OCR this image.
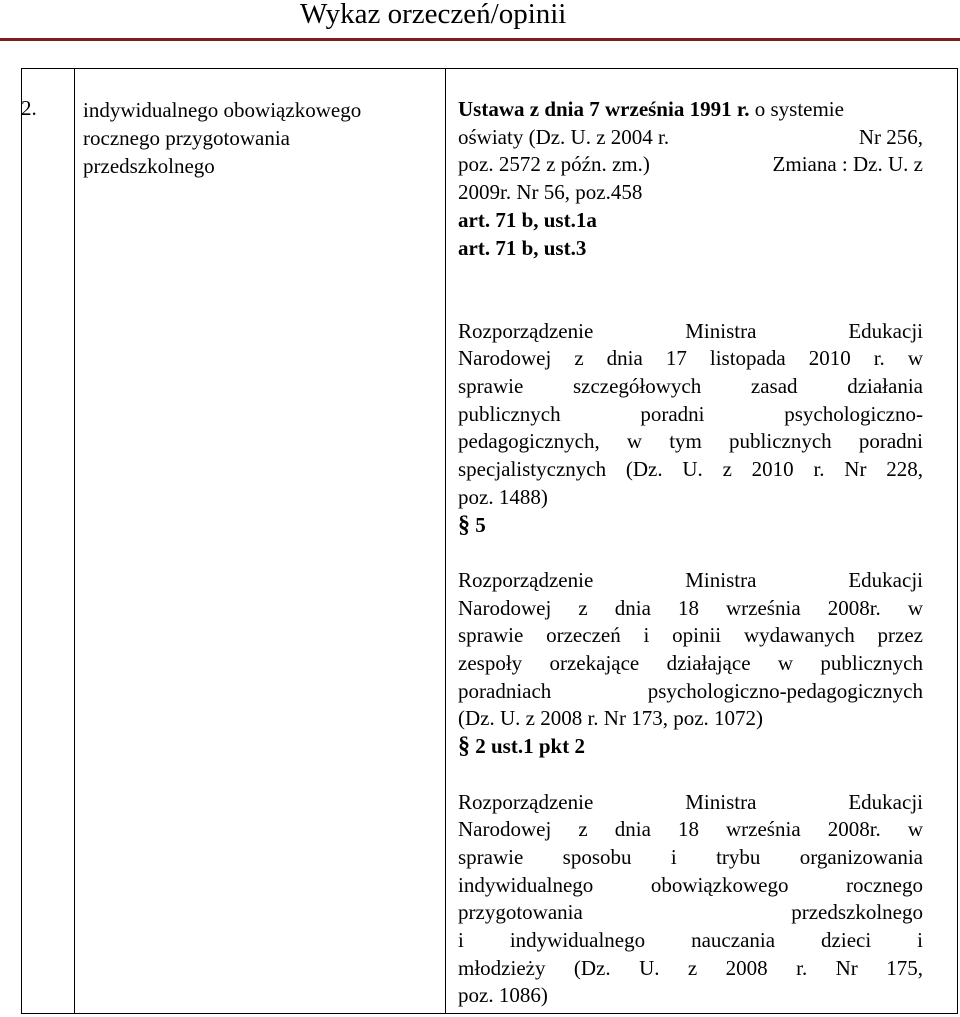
Wykaz orzeczeń/opinii
2. indywidualnego obowiązkowego
rocznego przygotowania
przedszkolnego

Ustawa z dnia 7 września 1991 r. o systemie

oświaty (Dz. U. z 2004 r.	Nr 256,

poz. 2572 z późn. zm.)	Zmiana : Dz. U. z

2009r. Nr 56, poz.458

art. 71 b, ust.1a

art. 71 b, ust.3

Rozporządzenie Ministra Edukacji

Narodowej z dnia 17 listopada 2010 r. w

sprawie szczegółowych zasad działania

publicznych poradni psychologiczno-

pedagogicznych, w tym publicznych poradni

specjalistycznych (Dz. U. z 2010 r. Nr 228,

poz. 1488)

§ 5

Rozporządzenie Ministra Edukacji

Narodowej z dnia 18 września 2008r. w

sprawie orzeczeń i opinii wydawanych przez

zespoły orzekające działające w publicznych

poradniach psychologiczno-pedagogicznych

(Dz. U. z 2008 r. Nr 173, poz. 1072)

§ 2 ust.1 pkt 2

Rozporządzenie Ministra Edukacji

Narodowej z dnia 18 września 2008r. w

sprawie sposobu i trybu organizowania

indywidualnego obowiązkowego rocznego

przygotowania przedszkolnego

i indywidualnego nauczania dzieci i

młodzieży (Dz. U. z 2008 r. Nr 175,

poz. 1086)
